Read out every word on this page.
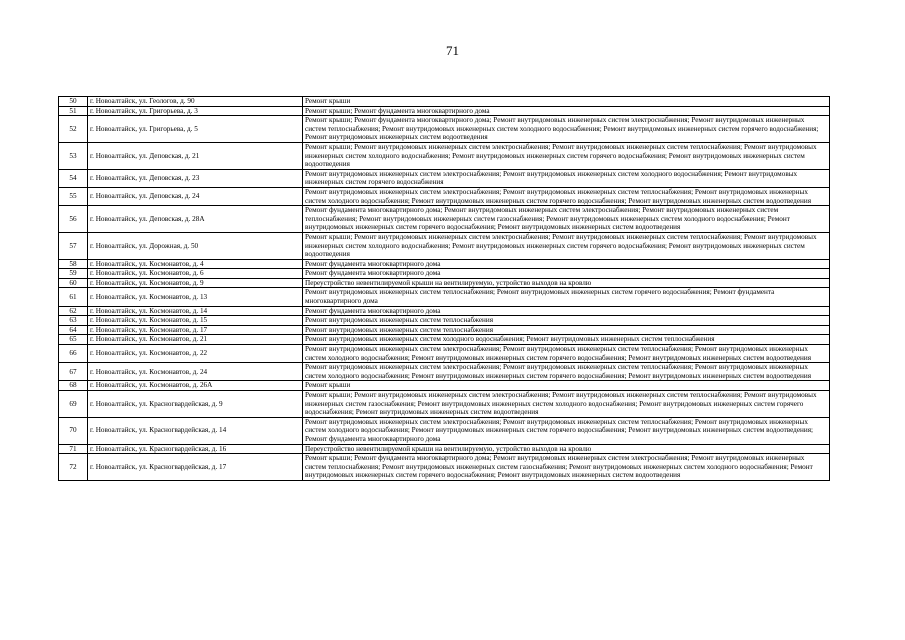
71
50	г. Новоалтайск, ул. Геологов, д. 90	Ремонт крыши
51	г. Новоалтайск, ул. Григорьева, д. 3	Ремонт крыши; Ремонт фундамента многоквартирного дома
52	г. Новоалтайск, ул. Григорьева, д. 5	Ремонт крыши; Ремонт фундамента многоквартирного дома; Ремонт внутридомовых инженерных систем электроснабжения; Ремонт внутридомовых инженерных систем теплоснабжения; Ремонт внутридомовых инженерных систем холодного водоснабжения; Ремонт внутридомовых инженерных систем горячего водоснабжения; Ремонт внутридомовых инженерных систем водоотведения
53	г. Новоалтайск, ул. Деповская, д. 21	Ремонт крыши; Ремонт внутридомовых инженерных систем электроснабжения; Ремонт внутридомовых инженерных систем теплоснабжения; Ремонт внутридомовых инженерных систем холодного водоснабжения; Ремонт внутридомовых инженерных систем горячего водоснабжения; Ремонт внутридомовых инженерных систем водоотведения
54	г. Новоалтайск, ул. Деповская, д. 23	Ремонт внутридомовых инженерных систем электроснабжения; Ремонт внутридомовых инженерных систем холодного водоснабжения; Ремонт внутридомовых инженерных систем горячего водоснабжения
55	г. Новоалтайск, ул. Деповская, д. 24	Ремонт внутридомовых инженерных систем электроснабжения; Ремонт внутридомовых инженерных систем теплоснабжения; Ремонт внутридомовых инженерных систем холодного водоснабжения; Ремонт внутридомовых инженерных систем горячего водоснабжения; Ремонт внутридомовых инженерных систем водоотведения
56	г. Новоалтайск, ул. Деповская, д. 28А	Ремонт фундамента многоквартирного дома; Ремонт внутридомовых инженерных систем электроснабжения; Ремонт внутридомовых инженерных систем теплоснабжения; Ремонт внутридомовых инженерных систем газоснабжения; Ремонт внутридомовых инженерных систем холодного водоснабжения; Ремонт внутридомовых инженерных систем горячего водоснабжения; Ремонт внутридомовых инженерных систем водоотведения
57	г. Новоалтайск, ул. Дорожная, д. 50	Ремонт крыши; Ремонт внутридомовых инженерных систем электроснабжения; Ремонт внутридомовых инженерных систем теплоснабжения; Ремонт внутридомовых инженерных систем холодного водоснабжения; Ремонт внутридомовых инженерных систем горячего водоснабжения; Ремонт внутридомовых инженерных систем водоотведения
58	г. Новоалтайск, ул. Космонавтов, д. 4	Ремонт фундамента многоквартирного дома
59	г. Новоалтайск, ул. Космонавтов, д. 6	Ремонт фундамента многоквартирного дома
60	г. Новоалтайск, ул. Космонавтов, д. 9	Переустройство невентилируемой крыши на вентилируемую, устройство выходов на кровлю
61	г. Новоалтайск, ул. Космонавтов, д. 13	Ремонт внутридомовых инженерных систем теплоснабжения; Ремонт внутридомовых инженерных систем горячего водоснабжения; Ремонт фундамента многоквартирного дома
62	г. Новоалтайск, ул. Космонавтов, д. 14	Ремонт фундамента многоквартирного дома
63	г. Новоалтайск, ул. Космонавтов, д. 15	Ремонт внутридомовых инженерных систем теплоснабжения
64	г. Новоалтайск, ул. Космонавтов, д. 17	Ремонт внутридомовых инженерных систем теплоснабжения
65	г. Новоалтайск, ул. Космонавтов, д. 21	Ремонт внутридомовых инженерных систем холодного водоснабжения; Ремонт внутридомовых инженерных систем теплоснабжения
66	г. Новоалтайск, ул. Космонавтов, д. 22	Ремонт внутридомовых инженерных систем электроснабжения; Ремонт внутридомовых инженерных систем теплоснабжения; Ремонт внутридомовых инженерных систем холодного водоснабжения; Ремонт внутридомовых инженерных систем горячего водоснабжения; Ремонт внутридомовых инженерных систем водоотведения
67	г. Новоалтайск, ул. Космонавтов, д. 24	Ремонт внутридомовых инженерных систем электроснабжения; Ремонт внутридомовых инженерных систем теплоснабжения; Ремонт внутридомовых инженерных систем холодного водоснабжения; Ремонт внутридомовых инженерных систем горячего водоснабжения; Ремонт внутридомовых инженерных систем водоотведения
68	г. Новоалтайск, ул. Космонавтов, д. 26А	Ремонт крыши
69	г. Новоалтайск, ул. Красногвардейская, д. 9	Ремонт крыши; Ремонт внутридомовых инженерных систем электроснабжения; Ремонт внутридомовых инженерных систем теплоснабжения; Ремонт внутридомовых инженерных систем газоснабжения; Ремонт внутридомовых инженерных систем холодного водоснабжения; Ремонт внутридомовых инженерных систем горячего водоснабжения; Ремонт внутридомовых инженерных систем водоотведения
70	г. Новоалтайск, ул. Красногвардейская, д. 14	Ремонт внутридомовых инженерных систем электроснабжения; Ремонт внутридомовых инженерных систем теплоснабжения; Ремонт внутридомовых инженерных систем холодного водоснабжения; Ремонт внутридомовых инженерных систем горячего водоснабжения; Ремонт внутридомовых инженерных систем водоотведения; Ремонт фундамента многоквартирного дома
71	г. Новоалтайск, ул. Красногвардейская, д. 16	Переустройство невентилируемой крыши на вентилируемую, устройство выходов на кровлю
72	г. Новоалтайск, ул. Красногвардейская, д. 17	Ремонт крыши; Ремонт фундамента многоквартирного дома; Ремонт внутридомовых инженерных систем электроснабжения; Ремонт внутридомовых инженерных систем теплоснабжения; Ремонт внутридомовых инженерных систем газоснабжения; Ремонт внутридомовых инженерных систем холодного водоснабжения; Ремонт внутридомовых инженерных систем горячего водоснабжения; Ремонт внутридомовых инженерных систем водоотведения
